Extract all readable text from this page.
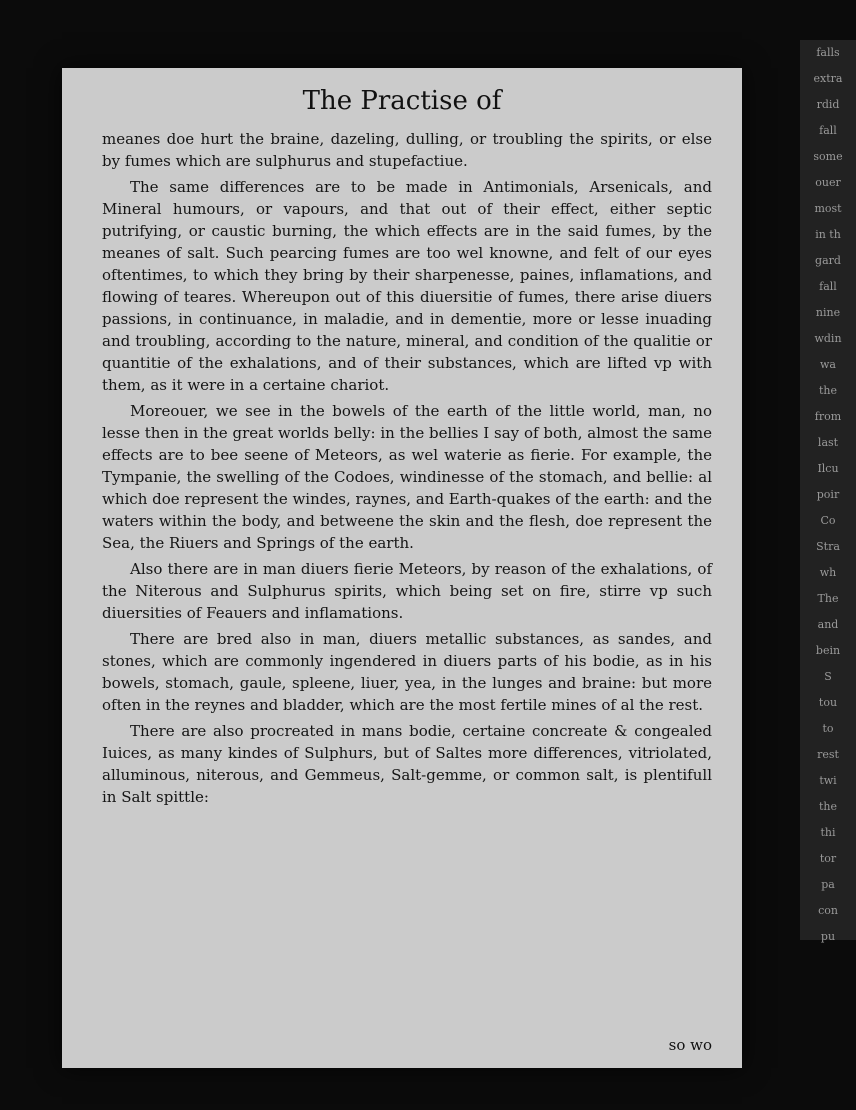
The Practise of

meanes doe hurt the braine, dazeling, dulling, or troubling the spirits, or else by fumes which are sulphurus and stupefactiue.

The same differences are to be made in Antimonials, Arsenicals, and Mineral humours, or vapours, and that out of their effect, either septic putrifying, or caustic burning, the which effects are in the said fumes, by the meanes of salt. Such pearcing fumes are too wel knowne, and felt of our eyes oftentimes, to which they bring by their sharpenesse, paines, inflamations, and flowing of teares. Whereupon out of this diuersitie of fumes, there arise diuers passions, in continuance, in maladie, and in dementie, more or lesse inuading and troubling, according to the nature, mineral, and condition of the qualitie or quantitie of the exhalations, and of their substances, which are lifted vp with them, as it were in a certaine chariot.

Moreouer, we see in the bowels of the earth of the little world, man, no lesse then in the great worlds belly: in the bellies I say of both, almost the same effects are to bee seene of Meteors, as wel waterie as fierie. For example, the Tympanie, the swelling of the Codoes, windinesse of the stomach, and bellie: al which doe represent the windes, raynes, and Earth-quakes of the earth: and the waters within the body, and betweene the skin and the flesh, doe represent the Sea, the Riuers and Springs of the earth.

Also there are in man diuers fierie Meteors, by reason of the exhalations, of the Niterous and Sulphurus spirits, which being set on fire, stirre vp such diuersities of Feauers and inflamations.

There are bred also in man, diuers metallic substances, as sandes, and stones, which are commonly ingendered in diuers parts of his bodie, as in his bowels, stomach, gaule, spleene, liuer, yea, in the lunges and braine: but more often in the reynes and bladder, which are the most fertile mines of al the rest.

There are also procreated in mans bodie, certaine concreate & congealed Iuices, as many kindes of Sulphurs, but of Saltes more differences, vitriolated, alluminous, niterous, and Gemmeus, Salt-gemme, or common salt, is plentifull in Salt spittle:

so wo
falls
extra
rdid
fall
some
ouer
most
in th
gard
fall
nine
wdin
wa
the
from
last
Ilcu
poir
Co
Stra
wh
The
and
bein
S
tou
to
rest
twi
the
thi
tor
pa
con
pu
